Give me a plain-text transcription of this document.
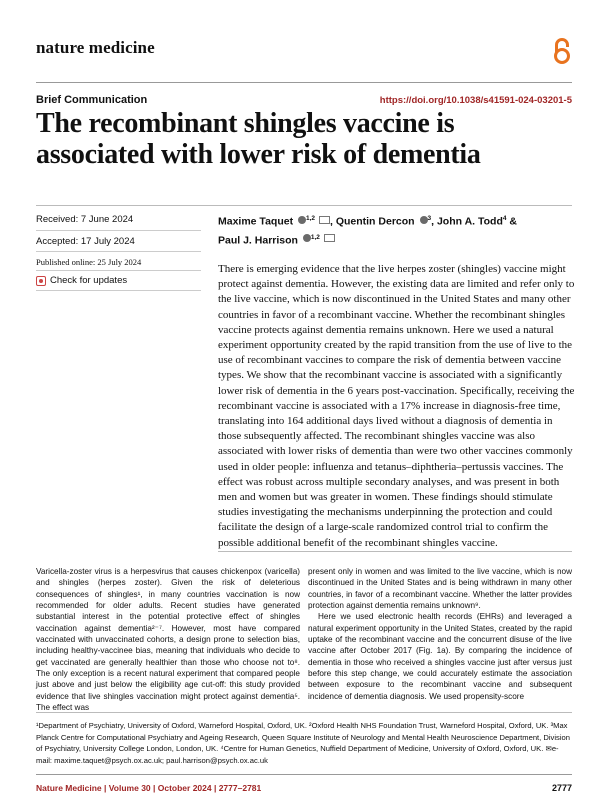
nature medicine
Brief Communication	https://doi.org/10.1038/s41591-024-03201-5
The recombinant shingles vaccine is associated with lower risk of dementia
Received: 7 June 2024
Accepted: 17 July 2024
Published online: 25 July 2024
Check for updates
Maxime Taquet $^{1,2}$ , Quentin Dercon $^3$, John A. Todd$^4$ &
Paul J. Harrison $^{1,2}$

There is emerging evidence that the live herpes zoster (shingles) vaccine might protect against dementia. However, the existing data are limited and refer only to the live vaccine, which is now discontinued in the United States and many other countries in favor of a recombinant vaccine. Whether the recombinant shingles vaccine protects against dementia remains unknown. Here we used a natural experiment opportunity created by the rapid transition from the use of live to the use of recombinant vaccines to compare the risk of dementia between vaccine types. We show that the recombinant vaccine is associated with a significantly lower risk of dementia in the 6 years post-vaccination. Specifically, receiving the recombinant vaccine is associated with a 17% increase in diagnosis-free time, translating into 164 additional days lived without a diagnosis of dementia in those subsequently affected. The recombinant shingles vaccine was also associated with lower risks of dementia than were two other vaccines commonly used in older people: influenza and tetanus–diphtheria–pertussis vaccines. The effect was robust across multiple secondary analyses, and was present in both men and women but was greater in women. These findings should stimulate studies investigating the mechanisms underpinning the protection and could facilitate the design of a large-scale randomized control trial to confirm the possible additional benefit of the recombinant shingles vaccine.

Varicella-zoster virus is a herpesvirus that causes chickenpox (varicella) and shingles (herpes zoster). Given the risk of deleterious consequences of shingles¹, in many countries vaccination is now recommended for older adults. Recent studies have generated substantial interest in the potential protective effect of shingles vaccination against dementia²⁻⁷. However, most have compared vaccinated with unvaccinated cohorts, a design prone to selection bias, including healthy-vaccinee bias, meaning that individuals who decide to get vaccinated are generally healthier than those who choose not to⁸. The only exception is a recent natural experiment that compared people just above and just below the eligibility age cut-off: this study provided evidence that live shingles vaccination might protect against dementia⁵. The effect was

present only in women and was limited to the live vaccine, which is now discontinued in the United States and is being withdrawn in many other countries, in favor of a recombinant vaccine. Whether the latter provides protection against dementia remains unknown⁹.

Here we used electronic health records (EHRs) and leveraged a natural experiment opportunity in the United States, created by the rapid uptake of the recombinant vaccine and the concurrent disuse of the live vaccine after October 2017 (Fig. 1a). By comparing the incidence of dementia in those who received a shingles vaccine just after versus just before this step change, we could accurately estimate the association between exposure to the recombinant vaccine and subsequent incidence of dementia diagnosis. We used propensity-score

¹Department of Psychiatry, University of Oxford, Warneford Hospital, Oxford, UK. ²Oxford Health NHS Foundation Trust, Warneford Hospital, Oxford, UK. ³Max Planck Centre for Computational Psychiatry and Ageing Research, Queen Square Institute of Neurology and Mental Health Neuroscience Department, Division of Psychiatry, University College London, London, UK. ⁴Centre for Human Genetics, Nuffield Department of Medicine, University of Oxford, Oxford, UK. ✉e-mail: maxime.taquet@psych.ox.ac.uk; paul.harrison@psych.ox.ac.uk

Nature Medicine | Volume 30 | October 2024 | 2777–2781	2777
